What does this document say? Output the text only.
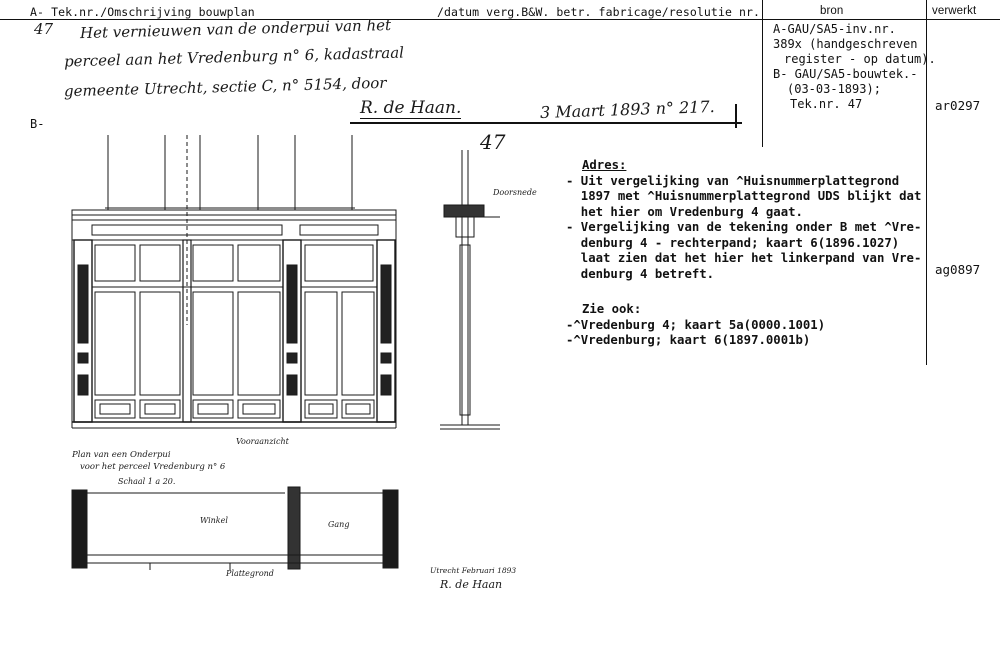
A- Tek.nr./Omschrijving bouwplan	/datum verg.B&W. betr. fabricage/resolutie nr.	bron	verwerkt
47 Het vernieuwen van de onderpui van het
perceel aan het Vredenburg n° 6, kadastraal
gemeente Utrecht, sectie C, n° 5154, door
R. de Haan.	3 Maart 1893 n° 217.
A-GAU/SA5-inv.nr.
389x (handgeschreven
register - op datum).
B- GAU/SA5-bouwtek.-
(03-03-1893);
Tek.nr. 47	ar0297
ag0897
B-
Adres:
- Uit vergelijking van ^Huisnummerplattegrond
1897 met ^Huisnummerplattegrond UDS blijkt dat
het hier om Vredenburg 4 gaat.
- Vergelijking van de tekening onder B met ^Vre-
denburg 4 - rechterpand; kaart 6(1896.1027)
laat zien dat het hier het linkerpand van Vre-
denburg 4 betreft.
Zie ook:
-^Vredenburg 4; kaart 5a(0000.1001)
-^Vredenburg; kaart 6(1897.0001b)
47
Doorsnede
Vooraanzicht
Plan van een Onderpui
voor het perceel Vredenburg n° 6
Schaal 1 a 20.
Winkel	Gang
Plattegrond	Utrecht Februari 1893
R. de Haan
